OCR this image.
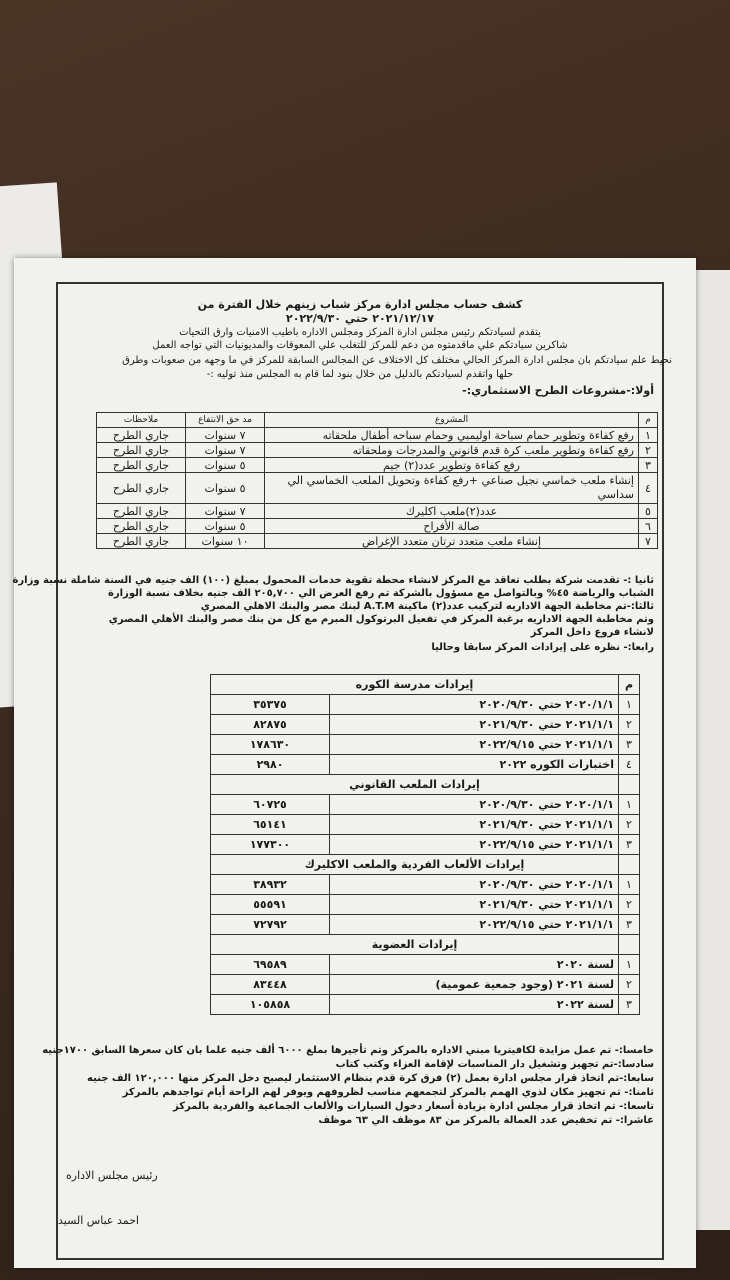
كشف حساب مجلس ادارة مركز شباب زينهم خلال الفترة من
٢٠٢١/١٢/١٧ حتي ٢٠٢٢/٩/٣٠
يتقدم لسيادتكم رئيس مجلس ادارة المركز ومجلس الاداره باطيب الامنيات وارق التحيات
شاكرين سيادتكم علي ماقدمتوه من دعم للمركز للتغلب علي المعوقات والمديونيات التي تواجه العمل
نحيط علم سيادتكم بان مجلس ادارة المركز الحالي مختلف كل الاختلاف عن المجالس السابقة للمركز في ما وجهه من صعوبات وطرق
حلها واتقدم لسيادتكم بالدليل من خلال بنود لما قام به المجلس منذ توليه :-
أولا:-مشروعات الطرح الاستثماري:-
م	المشروع	مد حق الانتفاع	ملاحظات
١	رفع كفاءة وتطوير حمام سباحة اوليمبي وحمام سباحه أطفال ملحقاته	٧ سنوات	جاري الطرح
٢	رفع كفاءة وتطوير ملعب كرة قدم قانوني والمدرجات وملحقاته	٧ سنوات	جاري الطرح
٣	رفع كفاءة وتطوير عدد(٢) جيم	٥ سنوات	جاري الطرح
٤	إنشاء ملعب خماسي نجيل صناعي +رفع كفاءة وتحويل الملعب الخماسي الي سداسي	٥ سنوات	جاري الطرح
٥	عدد(٢)ملعب اكليرك	٧ سنوات	جاري الطرح
٦	صالة الأفراح	٥ سنوات	جاري الطرح
٧	إنشاء ملعب متعدد ترتان متعدد الإغراض	١٠ سنوات	جاري الطرح
ثانيا :- تقدمت شركة بطلب تعاقد مع المركز لانشاء محطة تقوية خدمات المحمول بمبلغ (١٠٠) الف جنيه في السنة شاملة نسبة وزارة
الشباب والرياضة ٤٥% وبالتواصل مع مسؤول بالشركة تم رفع العرض الي ٢٠٥,٧٠٠ الف جنيه بخلاف نسبة الوزارة
ثالثا:-تم مخاطبة الجهة الاداريه لتركيب عدد(٢) ماكينة A.T.M لبنك مصر والبنك الاهلي المصري
وتم مخاطبة الجهة الاداريه برغبة المركز في تفعيل البرتوكول المبرم مع كل من بنك مصر والبنك الأهلي المصري
لانشاء فروع داخل المركز
رابعا:- نظره على إيرادات المركز سابقا وحاليا
م	إيرادات مدرسة الكوره	
١	٢٠٢٠/١/١ حتي ٢٠٢٠/٩/٣٠	٣٥٣٧٥
٢	٢٠٢١/١/١ حتي ٢٠٢١/٩/٣٠	٨٢٨٧٥
٣	٢٠٢١/١/١ حتي ٢٠٢٢/٩/١٥	١٧٨٦٣٠
٤	اختبارات الكوره ٢٠٢٢	٢٩٨٠
	إيرادات الملعب القانوني	
١	٢٠٢٠/١/١ حتي ٢٠٢٠/٩/٣٠	٦٠٧٢٥
٢	٢٠٢١/١/١ حتي ٢٠٢١/٩/٣٠	٦٥١٤١
٣	٢٠٢١/١/١ حتي ٢٠٢٢/٩/١٥	١٧٧٣٠٠
	إيرادات الألعاب الفردية والملعب الاكليرك	
١	٢٠٢٠/١/١ حتي ٢٠٢٠/٩/٣٠	٣٨٩٣٢
٢	٢٠٢١/١/١ حتي ٢٠٢١/٩/٣٠	٥٥٥٩١
٣	٢٠٢١/١/١ حتي ٢٠٢٢/٩/١٥	٧٢٧٩٢
	إيرادات العضوية	
١	لسنة ٢٠٢٠	٦٩٥٨٩
٢	لسنة ٢٠٢١ (وجود جمعية عمومية)	٨٣٤٤٨
٣	لسنة ٢٠٢٢	١٠٥٨٥٨
خامسا:- تم عمل مزايدة لكافيتريا مبني الاداره بالمركز وتم تأجيرها بملغ ٦٠٠٠ ألف جنيه علما بان كان سعرها السابق ١٧٠٠جنيه
سادسا:-تم تجهيز وتشغيل دار المناسبات لإقامة العزاء وكتب كتاب
سابعا:-تم اتخاذ قرار مجلس ادارة بعمل (٢) فرق كرة قدم بنظام الاستثمار ليصبح دخل المركز منها ١٢٠,٠٠٠ الف جنيه
ثامنا:- تم تجهيز مكان لذوي الهمم بالمركز لتجمعهم مناسب لظروفهم ويوفر لهم الراحة أيام تواجدهم بالمركز
تاسعا:- تم اتخاذ قرار مجلس ادارة بزيادة أسعار دخول السيارات والألعاب الجماعية والفردية بالمركز
عاشرا:- تم تخفيض عدد العمالة بالمركز من ٨٣ موظف الي ٦٣ موظف
رئيس مجلس الاداره
احمد عباس السيد
